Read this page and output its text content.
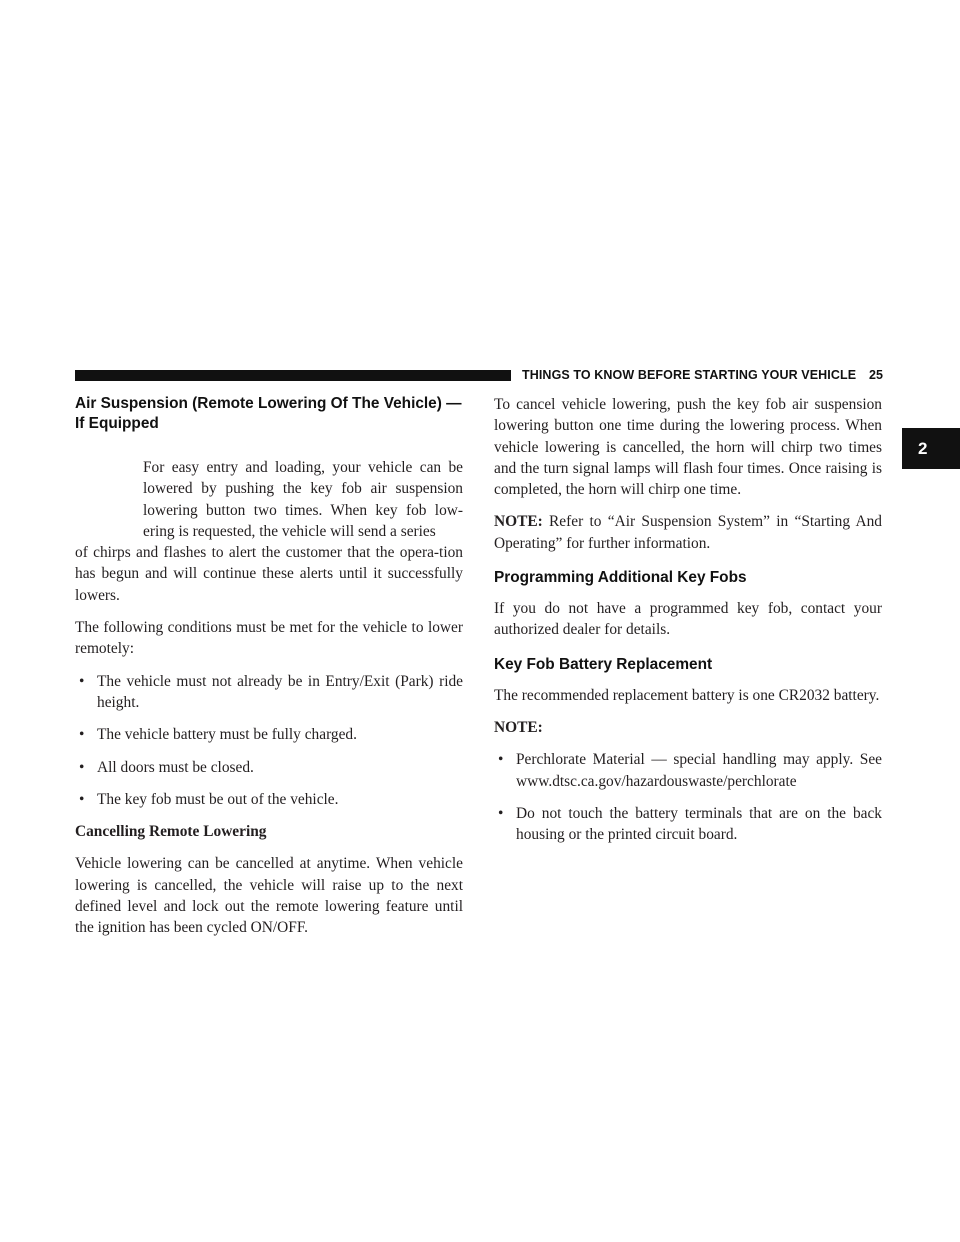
THINGS TO KNOW BEFORE STARTING YOUR VEHICLE 25
2
Air Suspension (Remote Lowering Of The Vehicle) — If Equipped

For easy entry and loading, your vehicle can be lowered by pushing the key fob air suspension lowering button two times. When key fob low-ering is requested, the vehicle will send a series
of chirps and flashes to alert the customer that the opera-tion has begun and will continue these alerts until it successfully lowers.

The following conditions must be met for the vehicle to lower remotely:

• The vehicle must not already be in Entry/Exit (Park) ride height.
• The vehicle battery must be fully charged.
• All doors must be closed.
• The key fob must be out of the vehicle.

Cancelling Remote Lowering

Vehicle lowering can be cancelled at anytime. When vehicle lowering is cancelled, the vehicle will raise up to the next defined level and lock out the remote lowering feature until the ignition has been cycled ON/OFF.

To cancel vehicle lowering, push the key fob air suspension lowering button one time during the lowering process. When vehicle lowering is cancelled, the horn will chirp two times and the turn signal lamps will flash four times. Once raising is completed, the horn will chirp one time.

NOTE: Refer to “Air Suspension System” in “Starting And Operating” for further information.

Programming Additional Key Fobs

If you do not have a programmed key fob, contact your authorized dealer for details.

Key Fob Battery Replacement

The recommended replacement battery is one CR2032 battery.

NOTE:

• Perchlorate Material — special handling may apply. See www.dtsc.ca.gov/hazardouswaste/perchlorate
• Do not touch the battery terminals that are on the back housing or the printed circuit board.
